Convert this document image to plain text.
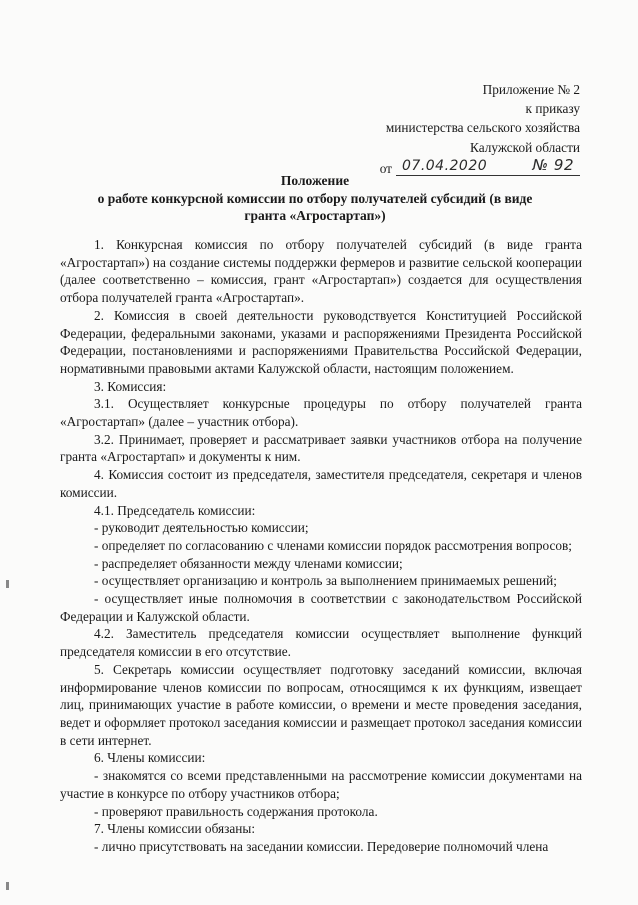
Приложение № 2
к приказу
министерства сельского хозяйства
Калужской области
от 07.04.2020	№ 92
Положение
о работе конкурсной комиссии по отбору получателей субсидий (в виде
гранта «Агростартап»)

1. Конкурсная комиссия по отбору получателей субсидий (в виде гранта «Агростартап») на создание системы поддержки фермеров и развитие сельской кооперации (далее соответственно – комиссия, грант «Агростартап») создается для осуществления отбора получателей гранта «Агростартап».

2. Комиссия в своей деятельности руководствуется Конституцией Российской Федерации, федеральными законами, указами и распоряжениями Президента Российской Федерации, постановлениями и распоряжениями Правительства Российской Федерации, нормативными правовыми актами Калужской области, настоящим положением.

3. Комиссия:

3.1. Осуществляет конкурсные процедуры по отбору получателей гранта «Агростартап» (далее – участник отбора).

3.2. Принимает, проверяет и рассматривает заявки участников отбора на получение гранта «Агростартап» и документы к ним.

4. Комиссия состоит из председателя, заместителя председателя, секретаря и членов комиссии.

4.1. Председатель комиссии:

- руководит деятельностью комиссии;

- определяет по согласованию с членами комиссии порядок рассмотрения вопросов;

- распределяет обязанности между членами комиссии;

- осуществляет организацию и контроль за выполнением принимаемых решений;

- осуществляет иные полномочия в соответствии с законодательством Российской Федерации и Калужской области.

4.2. Заместитель председателя комиссии осуществляет выполнение функций председателя комиссии в его отсутствие.

5. Секретарь комиссии осуществляет подготовку заседаний комиссии, включая информирование членов комиссии по вопросам, относящимся к их функциям, извещает лиц, принимающих участие в работе комиссии, о времени и месте проведения заседания, ведет и оформляет протокол заседания комиссии и размещает протокол заседания комиссии в сети интернет.

6. Члены комиссии:

- знакомятся со всеми представленными на рассмотрение комиссии документами на участие в конкурсе по отбору участников отбора;

- проверяют правильность содержания протокола.

7. Члены комиссии обязаны:

- лично присутствовать на заседании комиссии. Передоверие полномочий члена
